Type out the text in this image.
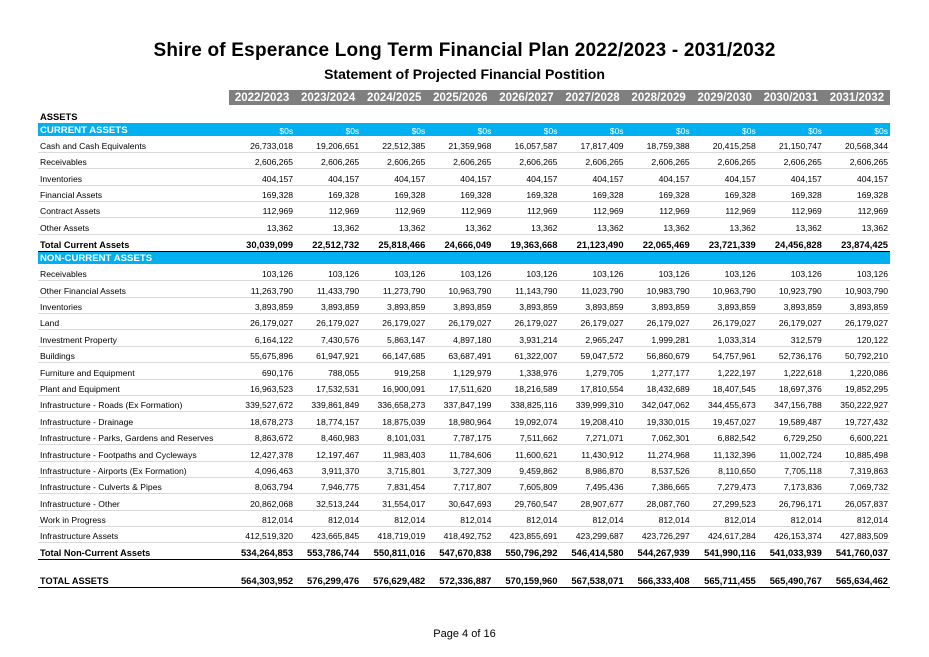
Shire of Esperance Long Term Financial Plan 2022/2023 - 2031/2032
Statement of Projected Financial Postition
	2022/2023	2023/2024	2024/2025	2025/2026	2026/2027	2027/2028	2028/2029	2029/2030	2030/2031	2031/2032
ASSETS										
CURRENT ASSETS	$0s	$0s	$0s	$0s	$0s	$0s	$0s	$0s	$0s	$0s
Cash and Cash Equivalents	26,733,018	19,206,651	22,512,385	21,359,968	16,057,587	17,817,409	18,759,388	20,415,258	21,150,747	20,568,344
Receivables	2,606,265	2,606,265	2,606,265	2,606,265	2,606,265	2,606,265	2,606,265	2,606,265	2,606,265	2,606,265
Inventories	404,157	404,157	404,157	404,157	404,157	404,157	404,157	404,157	404,157	404,157
Financial Assets	169,328	169,328	169,328	169,328	169,328	169,328	169,328	169,328	169,328	169,328
Contract Assets	112,969	112,969	112,969	112,969	112,969	112,969	112,969	112,969	112,969	112,969
Other Assets	13,362	13,362	13,362	13,362	13,362	13,362	13,362	13,362	13,362	13,362
Total Current Assets	30,039,099	22,512,732	25,818,466	24,666,049	19,363,668	21,123,490	22,065,469	23,721,339	24,456,828	23,874,425
NON-CURRENT ASSETS										
Receivables	103,126	103,126	103,126	103,126	103,126	103,126	103,126	103,126	103,126	103,126
Other Financial Assets	11,263,790	11,433,790	11,273,790	10,963,790	11,143,790	11,023,790	10,983,790	10,963,790	10,923,790	10,903,790
Inventories	3,893,859	3,893,859	3,893,859	3,893,859	3,893,859	3,893,859	3,893,859	3,893,859	3,893,859	3,893,859
Land	26,179,027	26,179,027	26,179,027	26,179,027	26,179,027	26,179,027	26,179,027	26,179,027	26,179,027	26,179,027
Investment Property	6,164,122	7,430,576	5,863,147	4,897,180	3,931,214	2,965,247	1,999,281	1,033,314	312,579	120,122
Buildings	55,675,896	61,947,921	66,147,685	63,687,491	61,322,007	59,047,572	56,860,679	54,757,961	52,736,176	50,792,210
Furniture and Equipment	690,176	788,055	919,258	1,129,979	1,338,976	1,279,705	1,277,177	1,222,197	1,222,618	1,220,086
Plant and Equipment	16,963,523	17,532,531	16,900,091	17,511,620	18,216,589	17,810,554	18,432,689	18,407,545	18,697,376	19,852,295
Infrastructure - Roads (Ex Formation)	339,527,672	339,861,849	336,658,273	337,847,199	338,825,116	339,999,310	342,047,062	344,455,673	347,156,788	350,222,927
Infrastructure - Drainage	18,678,273	18,774,157	18,875,039	18,980,964	19,092,074	19,208,410	19,330,015	19,457,027	19,589,487	19,727,432
Infrastructure - Parks, Gardens and Reserves	8,863,672	8,460,983	8,101,031	7,787,175	7,511,662	7,271,071	7,062,301	6,882,542	6,729,250	6,600,221
Infrastructure - Footpaths and Cycleways	12,427,378	12,197,467	11,983,403	11,784,606	11,600,621	11,430,912	11,274,968	11,132,396	11,002,724	10,885,498
Infrastructure - Airports (Ex Formation)	4,096,463	3,911,370	3,715,801	3,727,309	9,459,862	8,986,870	8,537,526	8,110,650	7,705,118	7,319,863
Infrastructure - Culverts & Pipes	8,063,794	7,946,775	7,831,454	7,717,807	7,605,809	7,495,436	7,386,665	7,279,473	7,173,836	7,069,732
Infrastructure - Other	20,862,068	32,513,244	31,554,017	30,647,693	29,760,547	28,907,677	28,087,760	27,299,523	26,796,171	26,057,837
Work in Progress	812,014	812,014	812,014	812,014	812,014	812,014	812,014	812,014	812,014	812,014
Infrastructure Assets	412,519,320	423,665,845	418,719,019	418,492,752	423,855,691	423,299,687	423,726,297	424,617,284	426,153,374	427,883,509
Total Non-Current Assets	534,264,853	553,786,744	550,811,016	547,670,838	550,796,292	546,414,580	544,267,939	541,990,116	541,033,939	541,760,037

TOTAL ASSETS	564,303,952	576,299,476	576,629,482	572,336,887	570,159,960	567,538,071	566,333,408	565,711,455	565,490,767	565,634,462
Page 4 of 16
